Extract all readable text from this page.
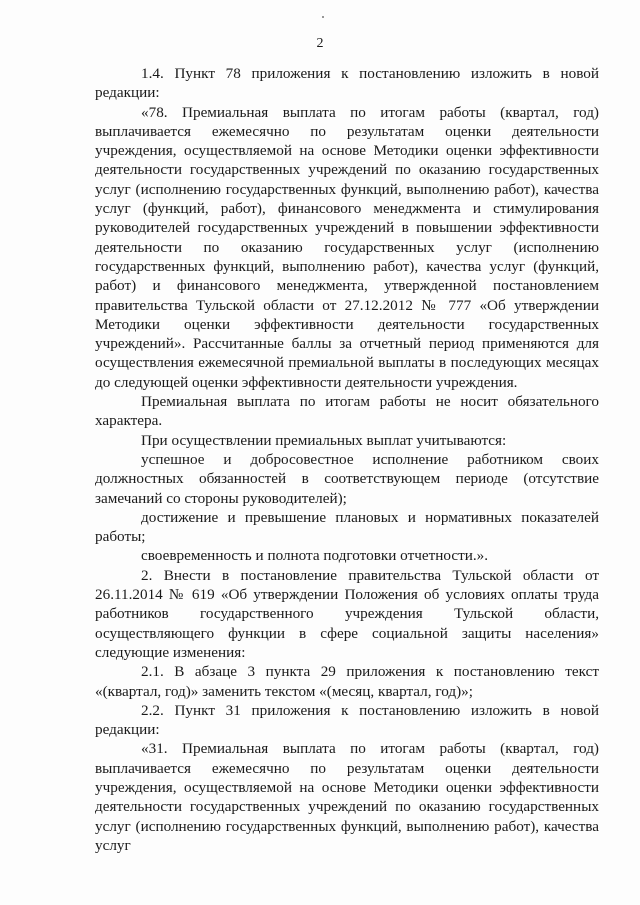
2

1.4. Пункт 78 приложения к постановлению изложить в новой редакции:

«78. Премиальная выплата по итогам работы (квартал, год) выплачивается ежемесячно по результатам оценки деятельности учреждения, осуществляемой на основе Методики оценки эффективности деятельности государственных учреждений по оказанию государственных услуг (исполнению государственных функций, выполнению работ), качества услуг (функций, работ), финансового менеджмента и стимулирования руководителей государственных учреждений в повышении эффективности деятельности по оказанию государственных услуг (исполнению государственных функций, выполнению работ), качества услуг (функций, работ) и финансового менеджмента, утвержденной постановлением правительства Тульской области от 27.12.2012 № 777 «Об утверждении Методики оценки эффективности деятельности государственных учреждений». Рассчитанные баллы за отчетный период применяются для осуществления ежемесячной премиальной выплаты в последующих месяцах до следующей оценки эффективности деятельности учреждения.

Премиальная выплата по итогам работы не носит обязательного характера.

При осуществлении премиальных выплат учитываются:

успешное и добросовестное исполнение работником своих должностных обязанностей в соответствующем периоде (отсутствие замечаний со стороны руководителей);

достижение и превышение плановых и нормативных показателей работы;

своевременность и полнота подготовки отчетности.».

2. Внести в постановление правительства Тульской области от 26.11.2014 № 619 «Об утверждении Положения об условиях оплаты труда работников государственного учреждения Тульской области, осуществляющего функции в сфере социальной защиты населения» следующие изменения:

2.1. В абзаце 3 пункта 29 приложения к постановлению текст «(квартал, год)» заменить текстом «(месяц, квартал, год)»;

2.2. Пункт 31 приложения к постановлению изложить в новой редакции:

«31. Премиальная выплата по итогам работы (квартал, год) выплачивается ежемесячно по результатам оценки деятельности учреждения, осуществляемой на основе Методики оценки эффективности деятельности государственных учреждений по оказанию государственных услуг (исполнению государственных функций, выполнению работ), качества услуг
